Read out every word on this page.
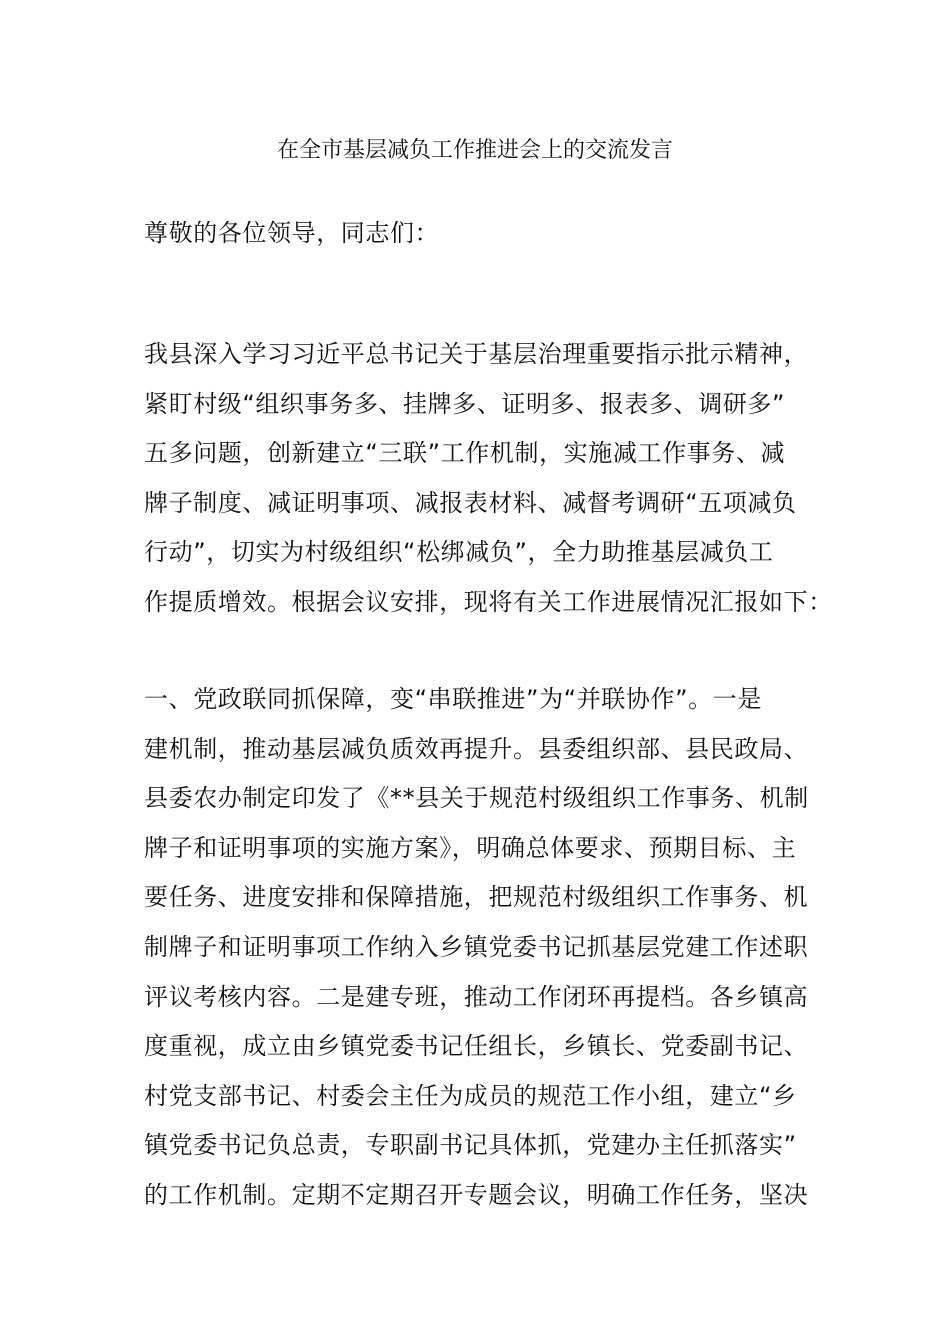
在全市基层减负工作推进会上的交流发言
尊敬的各位领导，同志们：
我县深入学习习近平总书记关于基层治理重要指示批示精神，
紧盯村级“组织事务多、挂牌多、证明多、报表多、调研多”
五多问题，创新建立“三联”工作机制，实施减工作事务、减
牌子制度、减证明事项、减报表材料、减督考调研“五项减负
行动”，切实为村级组织“松绑减负”，全力助推基层减负工
作提质增效。根据会议安排，现将有关工作进展情况汇报如下：
一、党政联同抓保障，变“串联推进”为“并联协作”。一是
建机制，推动基层减负质效再提升。县委组织部、县民政局、
县委农办制定印发了《**县关于规范村级组织工作事务、机制
牌子和证明事项的实施方案》，明确总体要求、预期目标、主
要任务、进度安排和保障措施，把规范村级组织工作事务、机
制牌子和证明事项工作纳入乡镇党委书记抓基层党建工作述职
评议考核内容。二是建专班，推动工作闭环再提档。各乡镇高
度重视，成立由乡镇党委书记任组长，乡镇长、党委副书记、
村党支部书记、村委会主任为成员的规范工作小组，建立“乡
镇党委书记负总责，专职副书记具体抓，党建办主任抓落实”
的工作机制。定期不定期召开专题会议，明确工作任务，坚决
